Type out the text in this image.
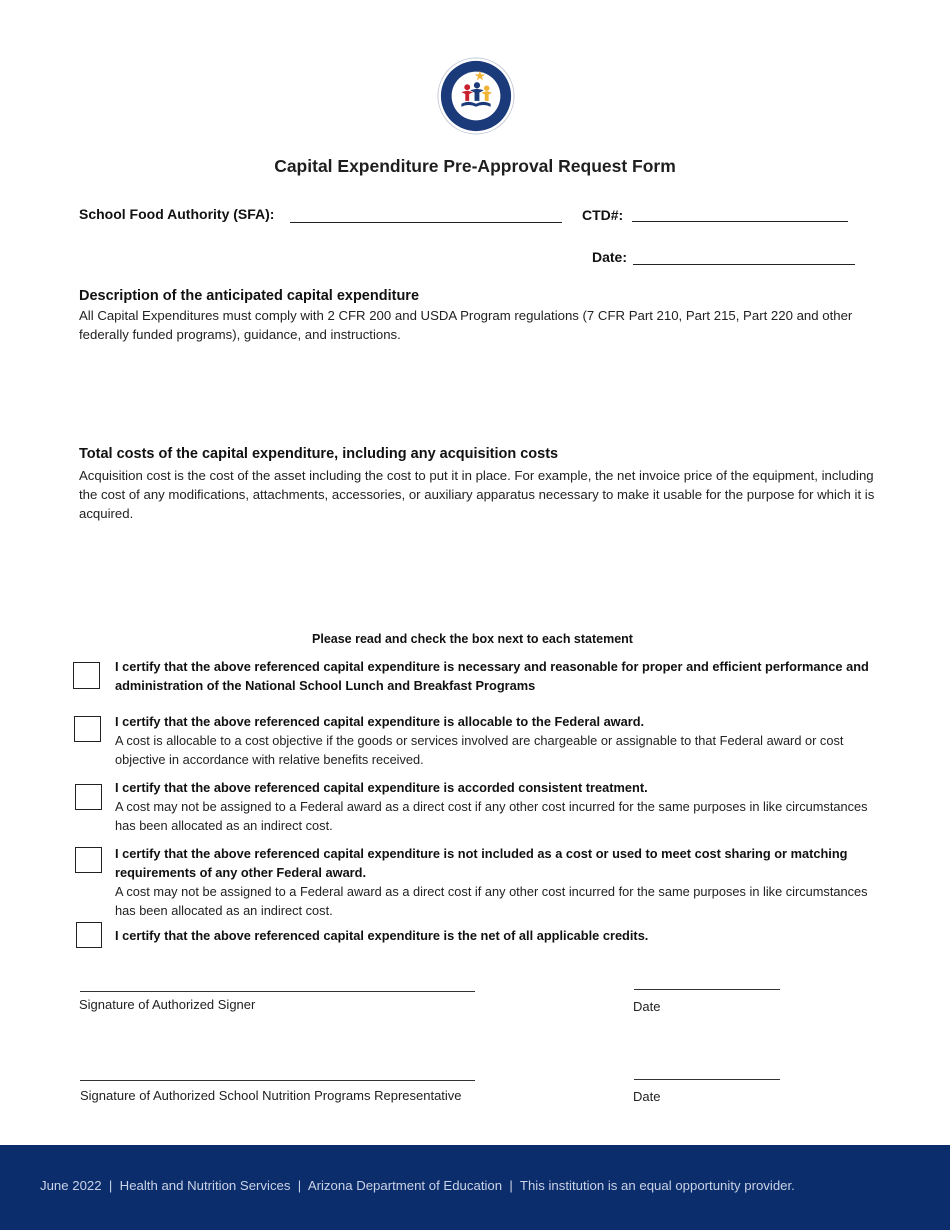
Capital Expenditure Pre-Approval Request Form
School Food Authority (SFA):	CTD#:
Date:
Description of the anticipated capital expenditure
All Capital Expenditures must comply with 2 CFR 200 and USDA Program regulations (7 CFR Part 210, Part 215, Part 220 and other federally funded programs), guidance, and instructions.
Total costs of the capital expenditure, including any acquisition costs
Acquisition cost is the cost of the asset including the cost to put it in place. For example, the net invoice price of the equipment, including the cost of any modifications, attachments, accessories, or auxiliary apparatus necessary to make it usable for the purpose for which it is acquired.
Please read and check the box next to each statement
I certify that the above referenced capital expenditure is necessary and reasonable for proper and efficient performance and administration of the National School Lunch and Breakfast Programs
I certify that the above referenced capital expenditure is allocable to the Federal award.
A cost is allocable to a cost objective if the goods or services involved are chargeable or assignable to that Federal award or cost objective in accordance with relative benefits received.
I certify that the above referenced capital expenditure is accorded consistent treatment.
A cost may not be assigned to a Federal award as a direct cost if any other cost incurred for the same purposes in like circumstances has been allocated as an indirect cost.
I certify that the above referenced capital expenditure is not included as a cost or used to meet cost sharing or matching requirements of any other Federal award.
A cost may not be assigned to a Federal award as a direct cost if any other cost incurred for the same purposes in like circumstances has been allocated as an indirect cost.
I certify that the above referenced capital expenditure is the net of all applicable credits.
Signature of Authorized Signer	Date
Signature of Authorized School Nutrition Programs Representative	Date
June 2022  |  Health and Nutrition Services  |  Arizona Department of Education  |  This institution is an equal opportunity provider.
